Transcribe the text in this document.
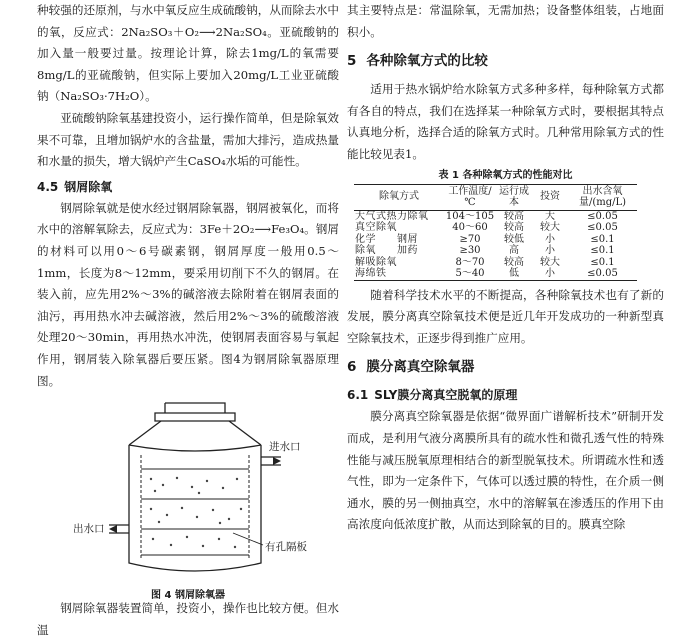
种较强的还原剂，与水中氧反应生成硫酸钠，从而除去水中的氧，反应式：2Na₂SO₃＋O₂⟶2Na₂SO₄。亚硫酸钠的加入量一般要过量。按理论计算，除去1mg/L的氧需要8mg/L的亚硫酸钠，但实际上要加入20mg/L工业亚硫酸钠（Na₂SO₃·7H₂O）。

亚硫酸钠除氧基建投资小，运行操作简单，但是除氧效果不可靠，且增加锅炉水的含盐量，需加大排污，造成热量和水量的损失，增大锅炉产生CaSO₄水垢的可能性。

4.5 钢屑除氧

钢屑除氧就是使水经过钢屑除氧器，钢屑被氧化，而将水中的溶解氧除去，反应式为：3Fe＋2O₂⟶Fe₃O₄。钢屑的材料可以用0～6号碳素钢，钢屑厚度一般用0.5～1mm，长度为8～12mm，要采用切削下不久的钢屑。在装入前，应先用2%～3%的碱溶液去除附着在钢屑表面的油污，再用热水冲去碱溶液，然后用2%～3%的硫酸溶液处理20～30min，再用热水冲洗，使钢屑表面容易与氧起作用，钢屑装入除氧器后要压紧。图4为钢屑除氧器原理图。

进水口
出水口
有孔隔板
图 4 钢屑除氧器

钢屑除氧器装置简单，投资小，操作也比较方便。但水温

其主要特点是：常温除氧，无需加热；设备整体组装，占地面积小。

5 各种除氧方式的比较

适用于热水锅炉给水除氧方式多种多样，每种除氧方式都有各自的特点，我们在选择某一种除氧方式时，要根据其特点认真地分析，选择合适的除氧方式时。几种常用除氧方式的性能比较见表1。

表 1 各种除氧方式的性能对比
除氧方式	工作温度/℃	运行成本	投资	出水含氧量/(mg/L)
大气式热力除氧	104～105	较高	大	≤0.05
真空除氧	40～60	较高	较大	≤0.05
化学　　钢屑	≥70	较低	小	≤0.1
除氧　　加药	≥30	高	小	≤0.1
解吸除氧	8～70	较高	较大	≤0.1
海绵铁	5～40	低	小	≤0.05

随着科学技术水平的不断提高，各种除氧技术也有了新的发展，膜分离真空除氧技术便是近几年开发成功的一种新型真空除氧技术，正逐步得到推广应用。

6 膜分离真空除氧器
6.1 SLY膜分离真空脱氧的原理

膜分离真空除氧器是依据“微界面广谱解析技术”研制开发而成，是利用气液分离膜所具有的疏水性和微孔透气性的特殊性能与减压脱氧原理相结合的新型脱氧技术。所谓疏水性和透气性，即为一定条件下，气体可以透过膜的特性，在介质一侧通水，膜的另一侧抽真空，水中的溶解氧在渗透压的作用下由高浓度向低浓度扩散，从而达到除氧的目的。膜真空除
